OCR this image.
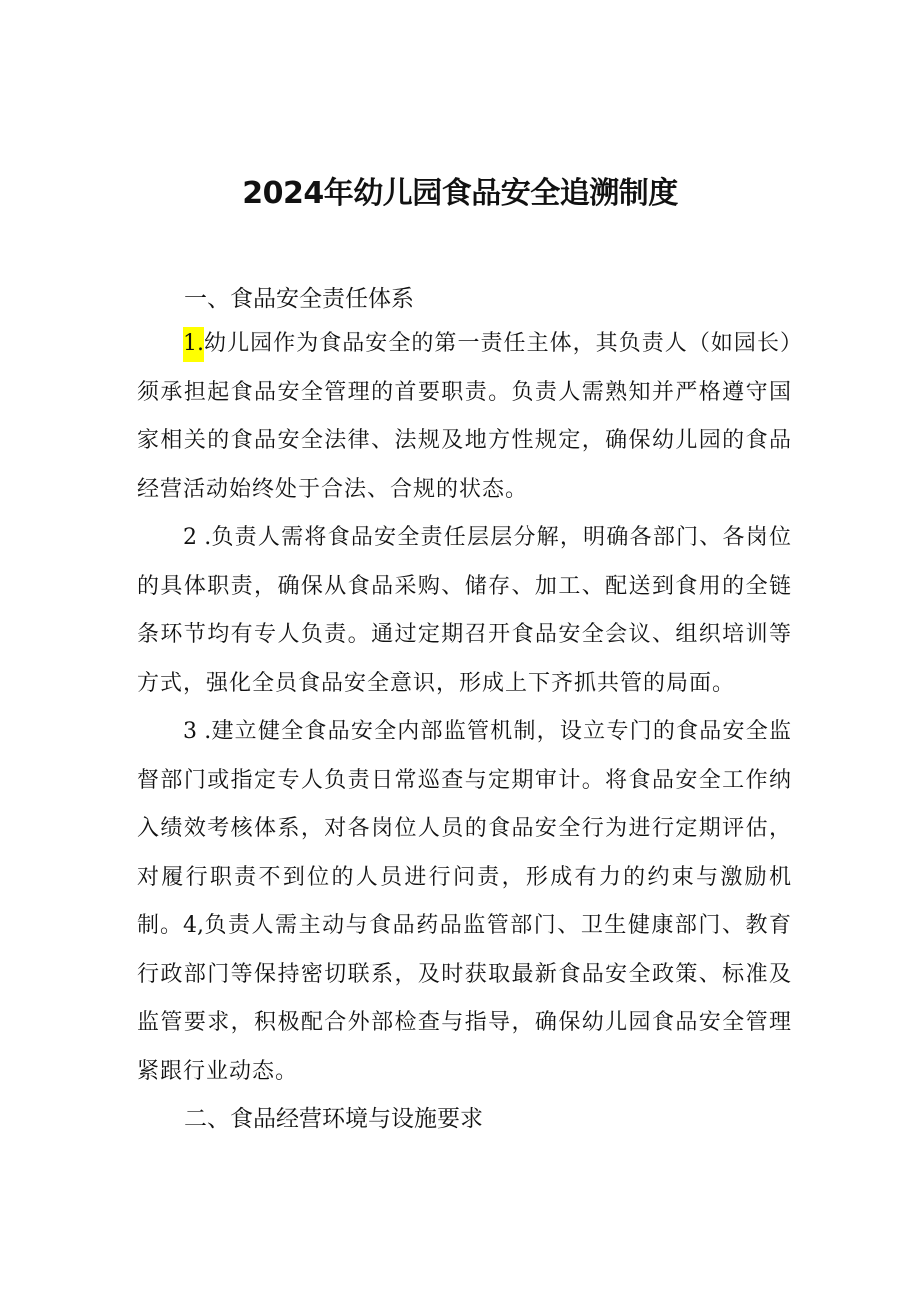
2024年幼儿园食品安全追溯制度
一、食品安全责任体系

1.幼儿园作为食品安全的第一责任主体，其负责人（如园长）须承担起食品安全管理的首要职责。负责人需熟知并严格遵守国家相关的食品安全法律、法规及地方性规定，确保幼儿园的食品经营活动始终处于合法、合规的状态。

2 .负责人需将食品安全责任层层分解，明确各部门、各岗位的具体职责，确保从食品采购、储存、加工、配送到食用的全链条环节均有专人负责。通过定期召开食品安全会议、组织培训等方式，强化全员食品安全意识，形成上下齐抓共管的局面。

3 .建立健全食品安全内部监管机制，设立专门的食品安全监督部门或指定专人负责日常巡查与定期审计。将食品安全工作纳入绩效考核体系，对各岗位人员的食品安全行为进行定期评估，对履行职责不到位的人员进行问责，形成有力的约束与激励机制。 4,负责人需主动与食品药品监管部门、卫生健康部门、教育行政部门等保持密切联系，及时获取最新食品安全政策、标准及监管要求，积极配合外部检查与指导，确保幼儿园食品安全管理紧跟行业动态。

二、食品经营环境与设施要求
